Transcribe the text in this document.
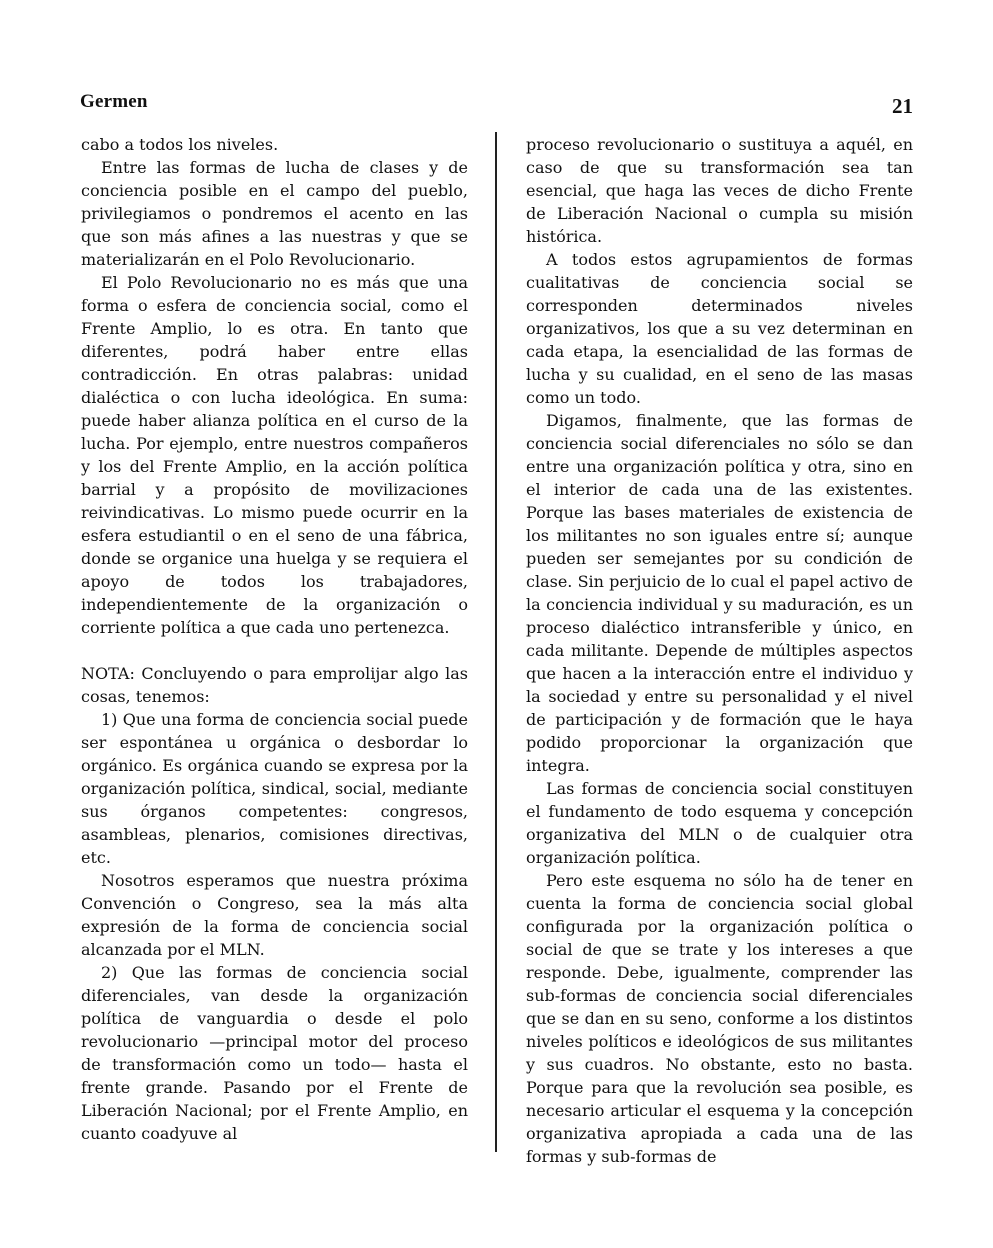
Germen	21

cabo a todos los niveles.

Entre las formas de lucha de clases y de conciencia posible en el campo del pueblo, privilegiamos o pondremos el acento en las que son más afines a las nuestras y que se materializarán en el Polo Revolucionario.

El Polo Revolucionario no es más que una forma o esfera de conciencia social, como el Frente Amplio, lo es otra. En tanto que diferentes, podrá haber entre ellas contradicción. En otras palabras: unidad dialéctica o con lucha ideológica. En suma: puede haber alianza política en el curso de la lucha. Por ejemplo, entre nuestros compañeros y los del Frente Amplio, en la acción política barrial y a propósito de movilizaciones reivindicativas. Lo mismo puede ocurrir en la esfera estudiantil o en el seno de una fábrica, donde se organice una huelga y se requiera el apoyo de todos los trabajadores, independientemente de la organización o corriente política a que cada uno pertenezca.

NOTA: Concluyendo o para emprolijar algo las cosas, tenemos:

1) Que una forma de conciencia social puede ser espontánea u orgánica o desbordar lo orgánico. Es orgánica cuando se expresa por la organización política, sindical, social, mediante sus órganos competentes: congresos, asambleas, plenarios, comisiones directivas, etc.

Nosotros esperamos que nuestra próxima Convención o Congreso, sea la más alta expresión de la forma de conciencia social alcanzada por el MLN.

2) Que las formas de conciencia social diferenciales, van desde la organización política de vanguardia o desde el polo revolucionario —principal motor del proceso de transformación como un todo— hasta el frente grande. Pasando por el Frente de Liberación Nacional; por el Frente Amplio, en cuanto coadyuve al

proceso revolucionario o sustituya a aquél, en caso de que su transformación sea tan esencial, que haga las veces de dicho Frente de Liberación Nacional o cumpla su misión histórica.

A todos estos agrupamientos de formas cualitativas de conciencia social se corresponden determinados niveles organizativos, los que a su vez determinan en cada etapa, la esencialidad de las formas de lucha y su cualidad, en el seno de las masas como un todo.

Digamos, finalmente, que las formas de conciencia social diferenciales no sólo se dan entre una organización política y otra, sino en el interior de cada una de las existentes. Porque las bases materiales de existencia de los militantes no son iguales entre sí; aunque pueden ser semejantes por su condición de clase. Sin perjuicio de lo cual el papel activo de la conciencia individual y su maduración, es un proceso dialéctico intransferible y único, en cada militante. Depende de múltiples aspectos que hacen a la interacción entre el individuo y la sociedad y entre su personalidad y el nivel de participación y de formación que le haya podido proporcionar la organización que integra.

Las formas de conciencia social constituyen el fundamento de todo esquema y concepción organizativa del MLN o de cualquier otra organización política.

Pero este esquema no sólo ha de tener en cuenta la forma de conciencia social global configurada por la organización política o social de que se trate y los intereses a que responde. Debe, igualmente, comprender las sub-formas de conciencia social diferenciales que se dan en su seno, conforme a los distintos niveles políticos e ideológicos de sus militantes y sus cuadros. No obstante, esto no basta. Porque para que la revolución sea posible, es necesario articular el esquema y la concepción organizativa apropiada a cada una de las formas y sub-formas de
